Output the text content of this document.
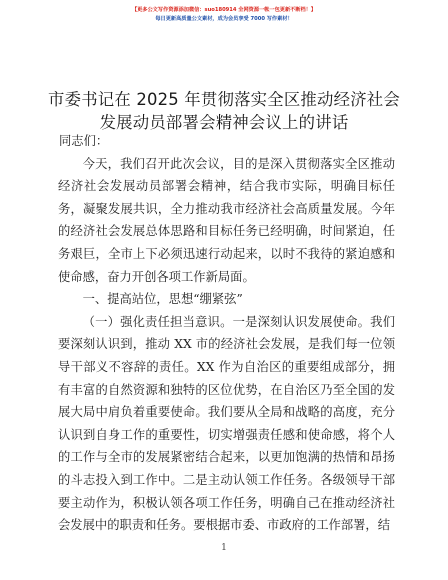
【更多公文写作资源添加微信：suo180914 全网资源一帐一包更新不断档！】
每日更新高质量公文素材，成为会员享受 7000 写作素材！
市委书记在 2025 年贯彻落实全区推动经济社会
发展动员部署会精神会议上的讲话

同志们：

今天，我们召开此次会议，目的是深入贯彻落实全区推动经济社会发展动员部署会精神，结合我市实际，明确目标任务，凝聚发展共识，全力推动我市经济社会高质量发展。今年的经济社会发展总体思路和目标任务已经明确，时间紧迫，任务艰巨，全市上下必须迅速行动起来，以时不我待的紧迫感和使命感，奋力开创各项工作新局面。

一、提高站位，思想“绷紧弦”

（一）强化责任担当意识。一是深刻认识发展使命。我们要深刻认识到，推动 XX 市的经济社会发展，是我们每一位领导干部义不容辞的责任。XX 作为自治区的重要组成部分，拥有丰富的自然资源和独特的区位优势，在自治区乃至全国的发展大局中肩负着重要使命。我们要从全局和战略的高度，充分认识到自身工作的重要性，切实增强责任感和使命感，将个人的工作与全市的发展紧密结合起来，以更加饱满的热情和昂扬的斗志投入到工作中。二是主动认领工作任务。各级领导干部要主动作为，积极认领各项工作任务，明确自己在推动经济社会发展中的职责和任务。要根据市委、市政府的工作部署，结

1
